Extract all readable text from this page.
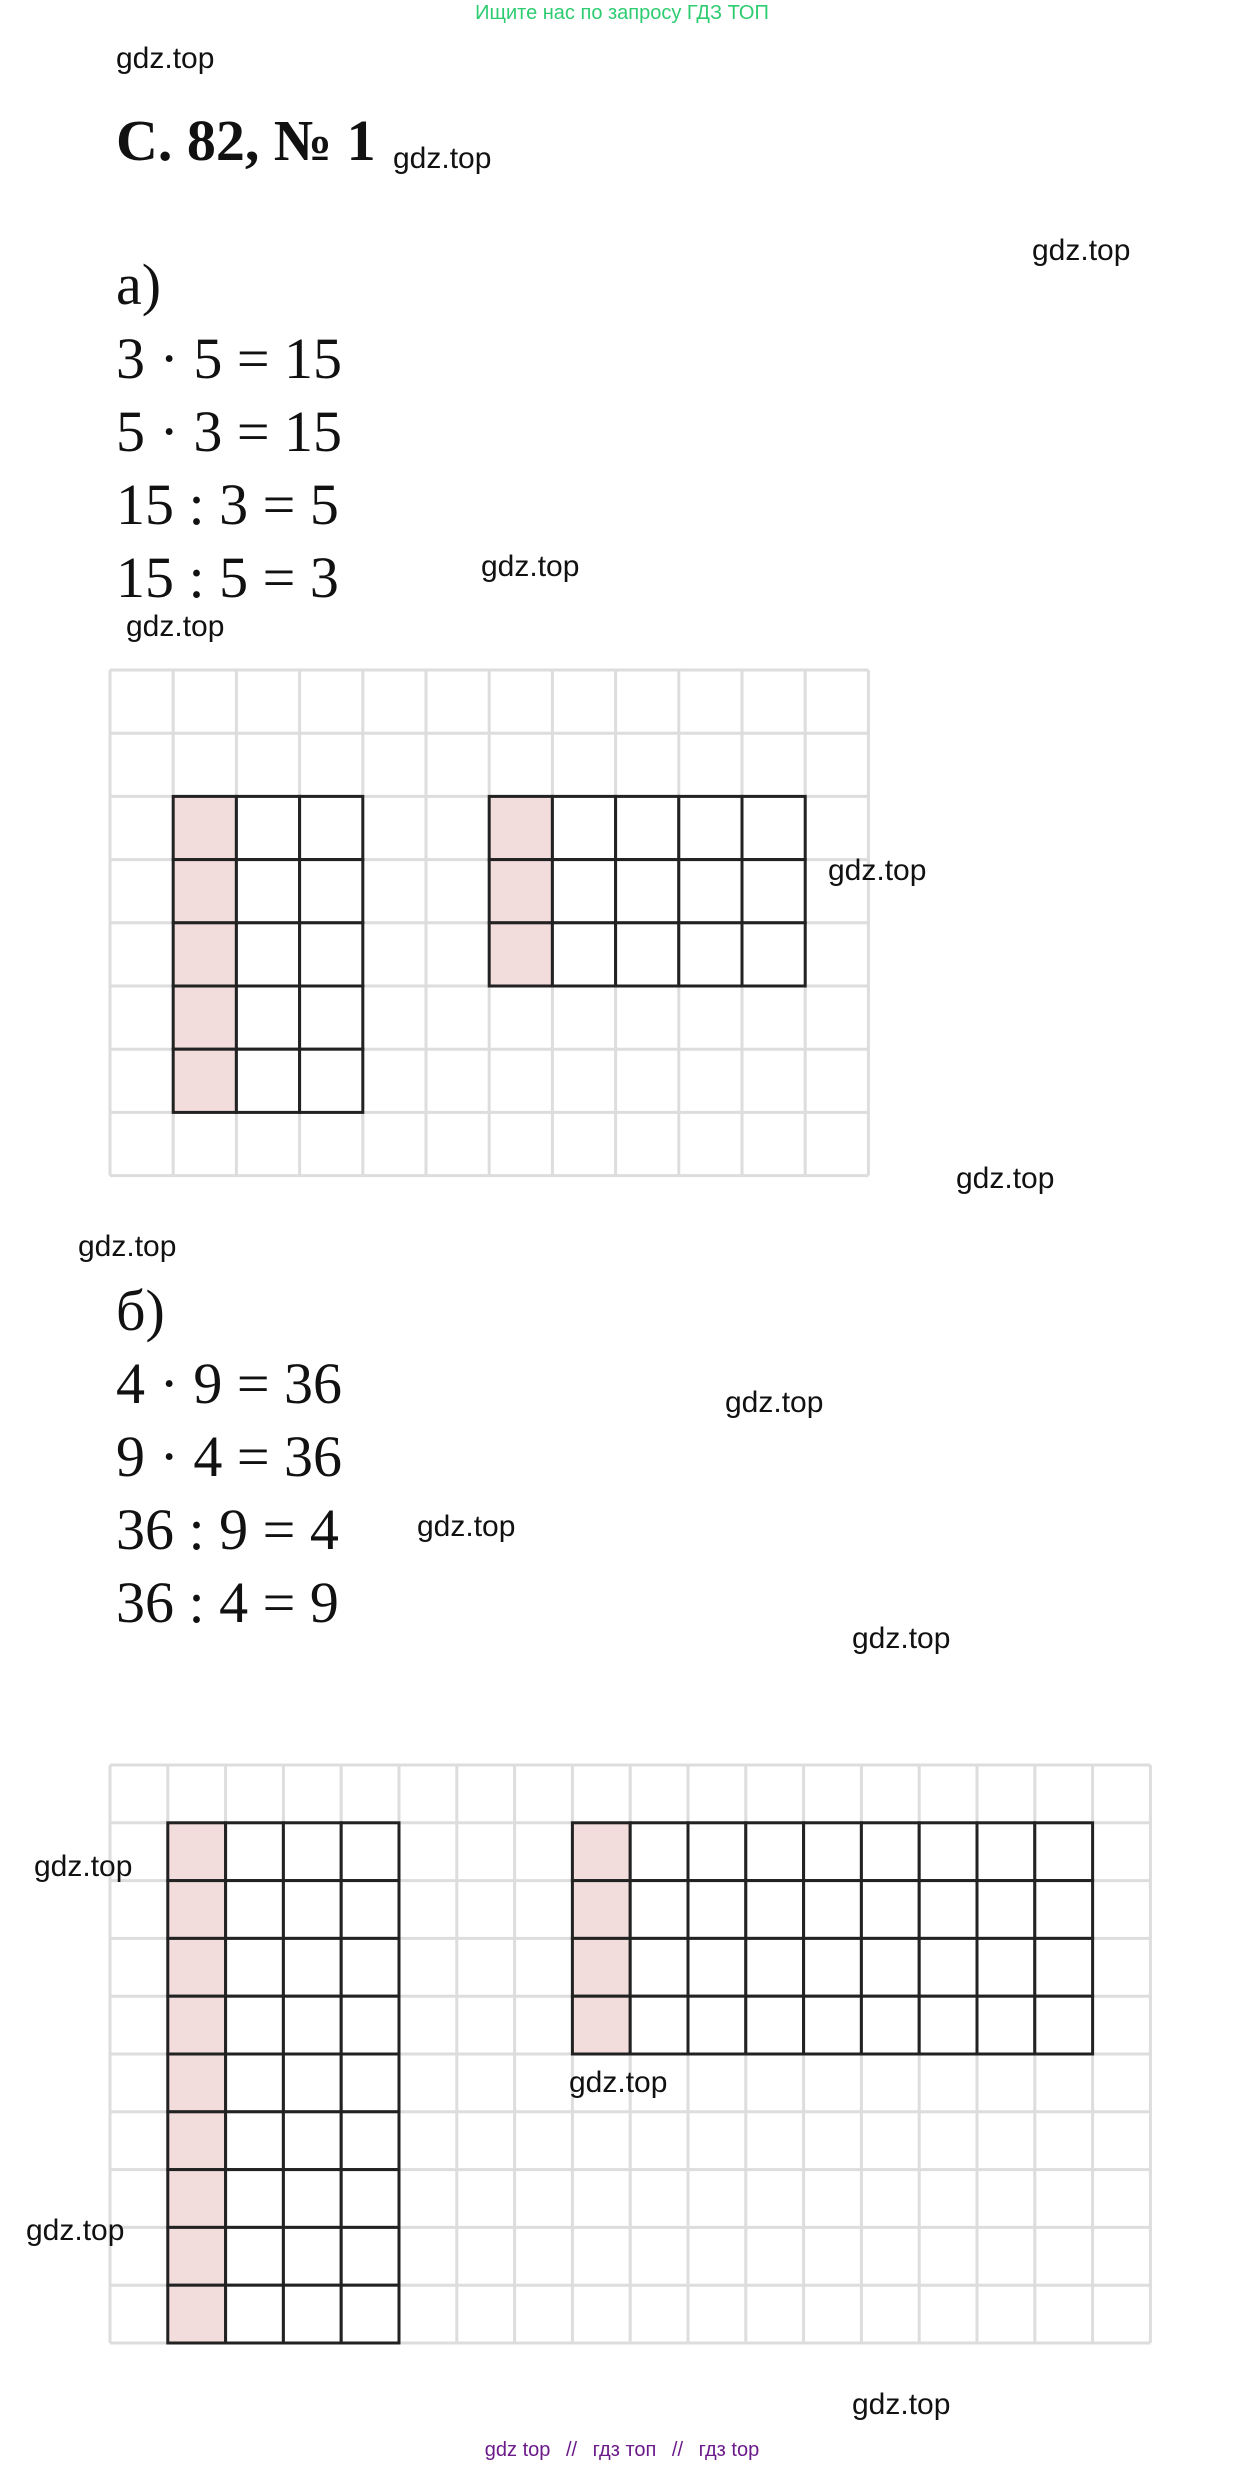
Ищите нас по запросу ГДЗ ТОП
С. 82, № 1
а)
3 · 5 = 15
5 · 3 = 15
15 : 3 = 5
15 : 5 = 3
б)
4 · 9 = 36
9 · 4 = 36
36 : 9 = 4
36 : 4 = 9
gdz.top
gdz.top
gdz.top
gdz.top
gdz.top
gdz.top
gdz.top
gdz.top
gdz.top
gdz.top
gdz.top
gdz.top
gdz.top
gdz.top
gdz.top
gdz top // гдз топ // гдз top
